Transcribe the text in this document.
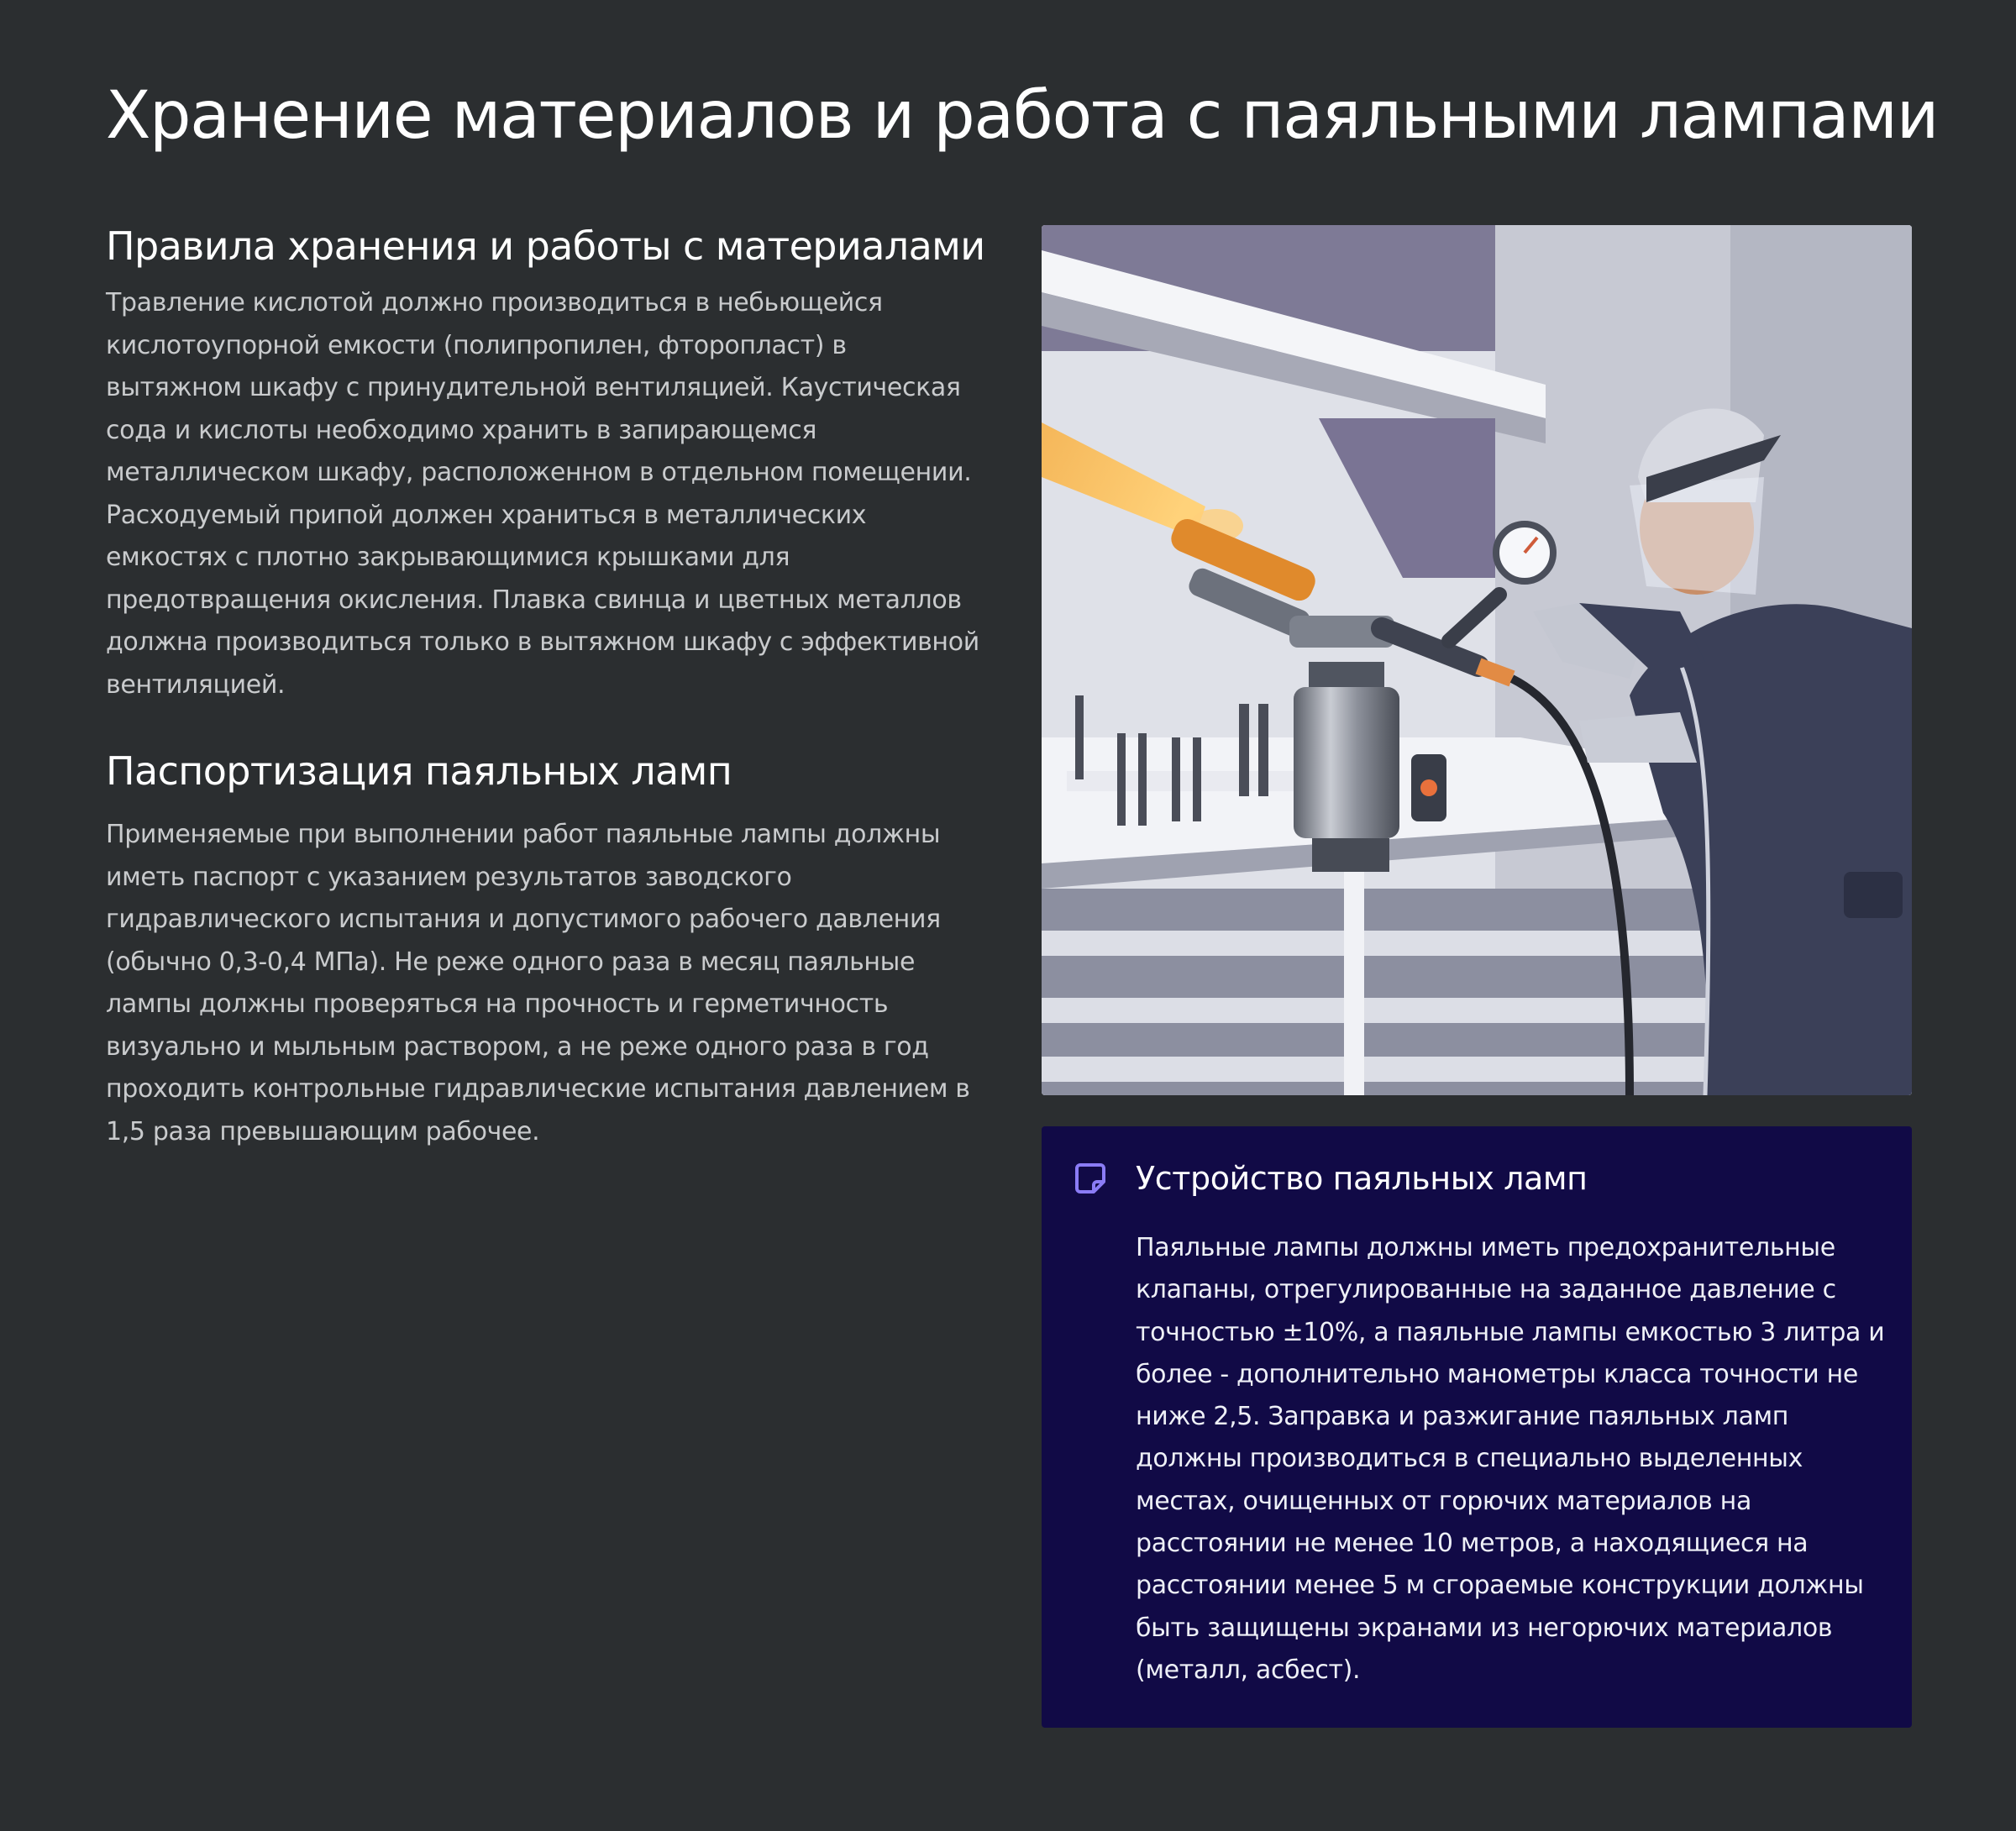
Хранение материалов и работа с паяльными лампами
Правила хранения и работы с материалами

Травление кислотой должно производиться в небьющейся кислотоупорной емкости (полипропилен, фторопласт) в вытяжном шкафу с принудительной вентиляцией. Каустическая сода и кислоты необходимо хранить в запирающемся металлическом шкафу, расположенном в отдельном помещении. Расходуемый припой должен храниться в металлических емкостях с плотно закрывающимися крышками для предотвращения окисления. Плавка свинца и цветных металлов должна производиться только в вытяжном шкафу с эффективной вентиляцией.

Паспортизация паяльных ламп

Применяемые при выполнении работ паяльные лампы должны иметь паспорт с указанием результатов заводского гидравлического испытания и допустимого рабочего давления (обычно 0,3-0,4 МПа). Не реже одного раза в месяц паяльные лампы должны проверяться на прочность и герметичность визуально и мыльным раствором, а не реже одного раза в год проходить контрольные гидравлические испытания давлением в 1,5 раза превышающим рабочее.

Устройство паяльных ламп

Паяльные лампы должны иметь предохранительные клапаны, отрегулированные на заданное давление с точностью ±10%, а паяльные лампы емкостью 3 литра и более - дополнительно манометры класса точности не ниже 2,5. Заправка и разжигание паяльных ламп должны производиться в специально выделенных местах, очищенных от горючих материалов на расстоянии не менее 10 метров, а находящиеся на расстоянии менее 5 м сгораемые конструкции должны быть защищены экранами из негорючих материалов (металл, асбест).
